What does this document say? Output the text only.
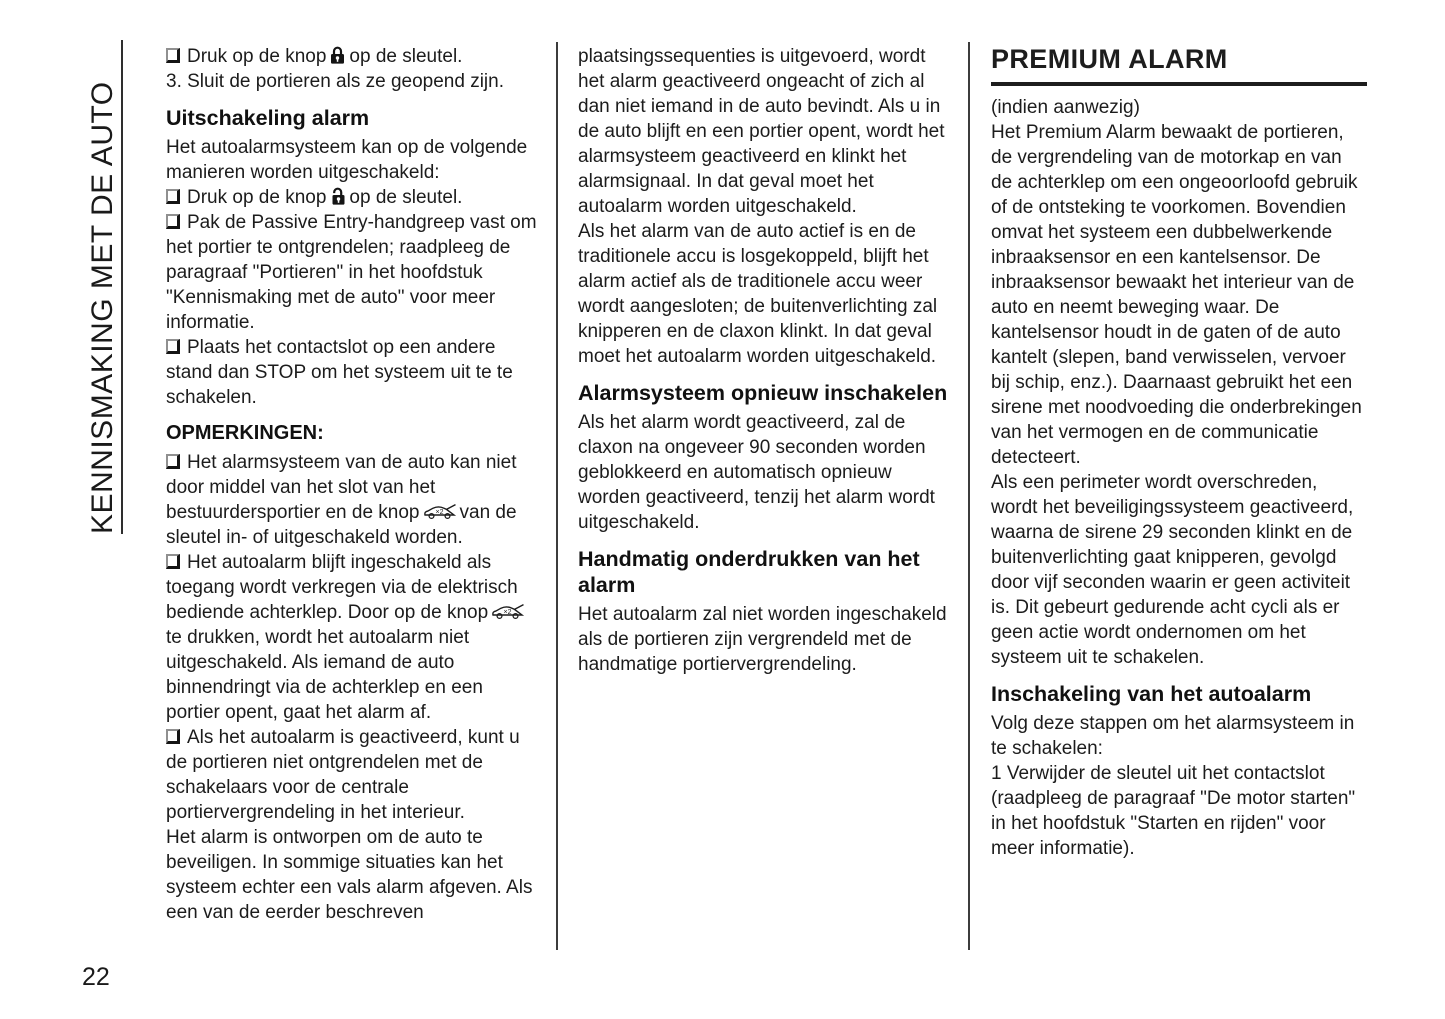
KENNISMAKING MET DE AUTO
22

Druk op de knop op de sleutel.

3. Sluit de portieren als ze geopend zijn.

Uitschakeling alarm

Het autoalarmsysteem kan op de volgende manieren worden uitgeschakeld:

Druk op de knop op de sleutel.

Pak de Passive Entry-handgreep vast om het portier te ontgrendelen; raadpleeg de paragraaf "Portieren" in het hoofdstuk "Kennismaking met de auto" voor meer informatie.

Plaats het contactslot op een andere stand dan STOP om het systeem uit te te schakelen.

OPMERKINGEN:

Het alarmsysteem van de auto kan niet door middel van het slot van het bestuurdersportier en de knop ×2 van de sleutel in- of uitgeschakeld worden.

Het autoalarm blijft ingeschakeld als toegang wordt verkregen via de elektrisch bediende achterklep. Door op de knop ×2
te drukken, wordt het autoalarm niet uitgeschakeld. Als iemand de auto binnendringt via de achterklep en een portier opent, gaat het alarm af.

Als het autoalarm is geactiveerd, kunt u de portieren niet ontgrendelen met de schakelaars voor de centrale portiervergrendeling in het interieur.

Het alarm is ontworpen om de auto te beveiligen. In sommige situaties kan het systeem echter een vals alarm afgeven. Als een van de eerder beschreven

plaatsingssequenties is uitgevoerd, wordt het alarm geactiveerd ongeacht of zich al dan niet iemand in de auto bevindt. Als u in de auto blijft en een portier opent, wordt het alarmsysteem geactiveerd en klinkt het alarmsignaal. In dat geval moet het autoalarm worden uitgeschakeld.

Als het alarm van de auto actief is en de traditionele accu is losgekoppeld, blijft het alarm actief als de traditionele accu weer wordt aangesloten; de buitenverlichting zal knipperen en de claxon klinkt. In dat geval moet het autoalarm worden uitgeschakeld.

Alarmsysteem opnieuw inschakelen

Als het alarm wordt geactiveerd, zal de claxon na ongeveer 90 seconden worden geblokkeerd en automatisch opnieuw worden geactiveerd, tenzij het alarm wordt uitgeschakeld.

Handmatig onderdrukken van het alarm

Het autoalarm zal niet worden ingeschakeld als de portieren zijn vergrendeld met de handmatige portiervergrendeling.

PREMIUM ALARM

(indien aanwezig)

Het Premium Alarm bewaakt de portieren, de vergrendeling van de motorkap en van de achterklep om een ongeoorloofd gebruik of de ontsteking te voorkomen. Bovendien omvat het systeem een dubbelwerkende inbraaksensor en een kantelsensor. De inbraaksensor bewaakt het interieur van de auto en neemt beweging waar. De kantelsensor houdt in de gaten of de auto kantelt (slepen, band verwisselen, vervoer bij schip, enz.). Daarnaast gebruikt het een sirene met noodvoeding die onderbrekingen van het vermogen en de communicatie detecteert.

Als een perimeter wordt overschreden, wordt het beveiligingssysteem geactiveerd, waarna de sirene 29 seconden klinkt en de buitenverlichting gaat knipperen, gevolgd door vijf seconden waarin er geen activiteit is. Dit gebeurt gedurende acht cycli als er geen actie wordt ondernomen om het systeem uit te schakelen.

Inschakeling van het autoalarm

Volg deze stappen om het alarmsysteem in te schakelen:

1 Verwijder de sleutel uit het contactslot (raadpleeg de paragraaf "De motor starten" in het hoofdstuk "Starten en rijden" voor meer informatie).
